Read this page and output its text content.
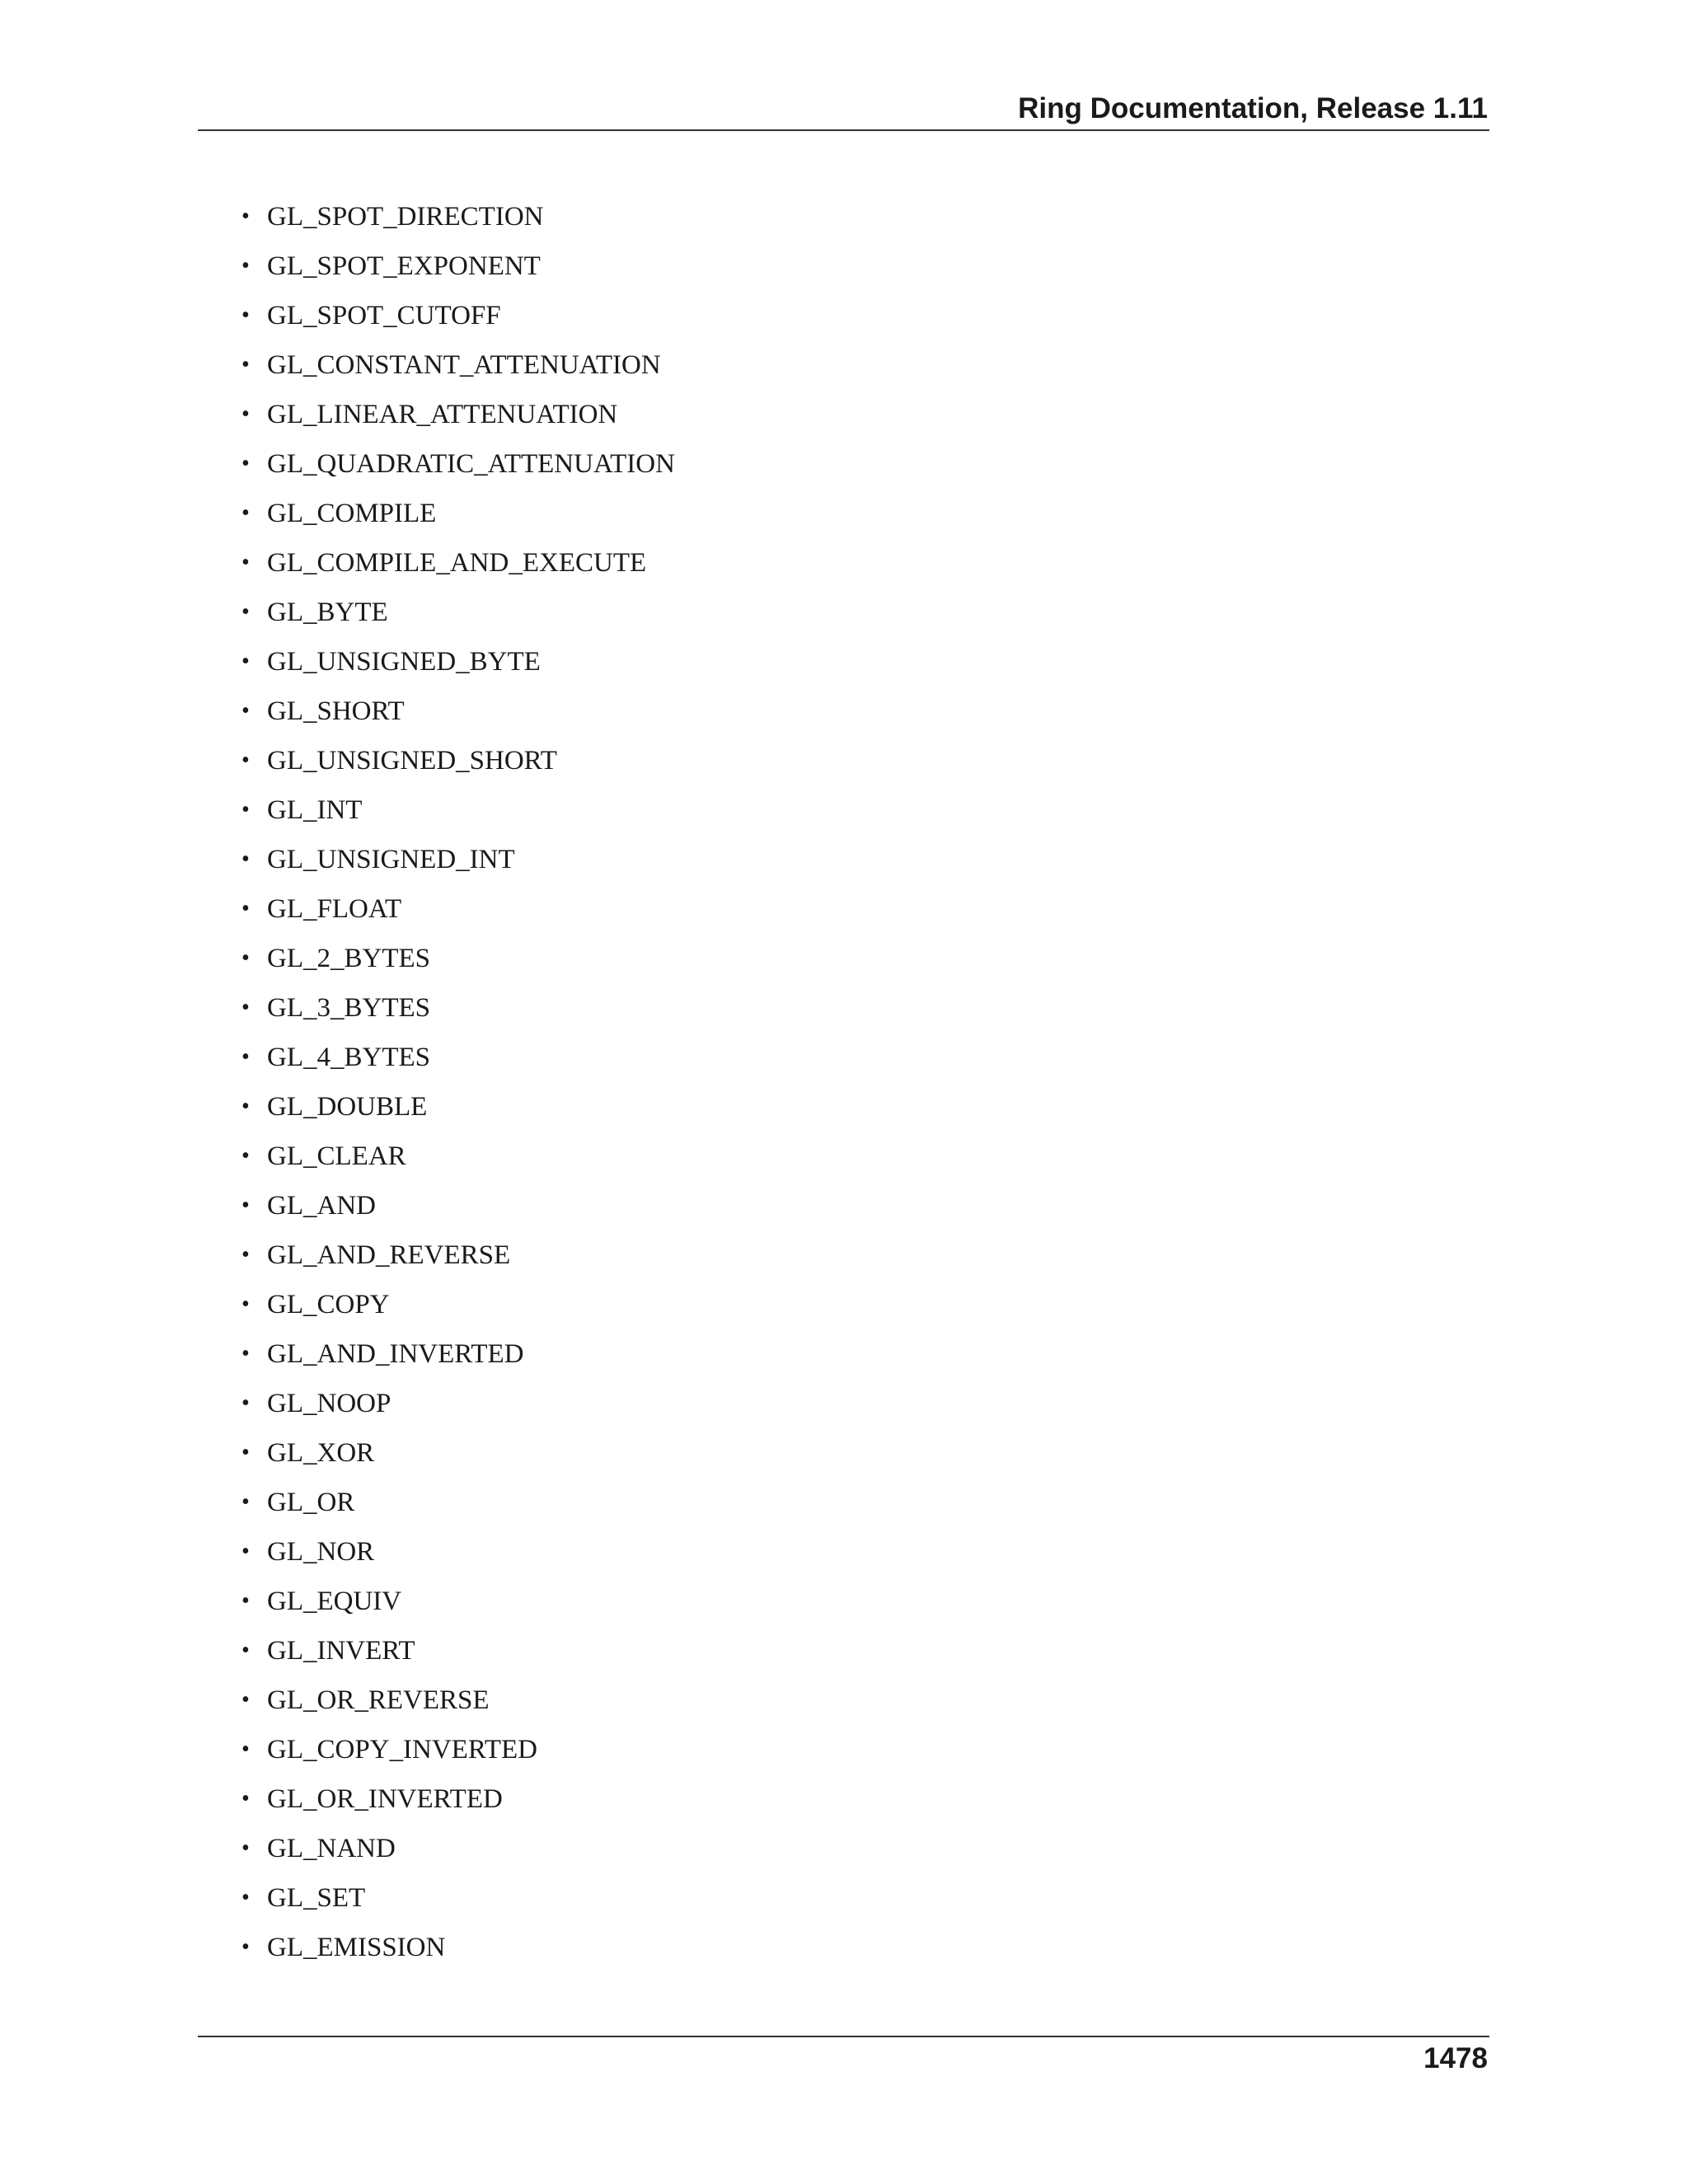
Ring Documentation, Release 1.11
• GL_SPOT_DIRECTION
• GL_SPOT_EXPONENT
• GL_SPOT_CUTOFF
• GL_CONSTANT_ATTENUATION
• GL_LINEAR_ATTENUATION
• GL_QUADRATIC_ATTENUATION
• GL_COMPILE
• GL_COMPILE_AND_EXECUTE
• GL_BYTE
• GL_UNSIGNED_BYTE
• GL_SHORT
• GL_UNSIGNED_SHORT
• GL_INT
• GL_UNSIGNED_INT
• GL_FLOAT
• GL_2_BYTES
• GL_3_BYTES
• GL_4_BYTES
• GL_DOUBLE
• GL_CLEAR
• GL_AND
• GL_AND_REVERSE
• GL_COPY
• GL_AND_INVERTED
• GL_NOOP
• GL_XOR
• GL_OR
• GL_NOR
• GL_EQUIV
• GL_INVERT
• GL_OR_REVERSE
• GL_COPY_INVERTED
• GL_OR_INVERTED
• GL_NAND
• GL_SET
• GL_EMISSION
1478
